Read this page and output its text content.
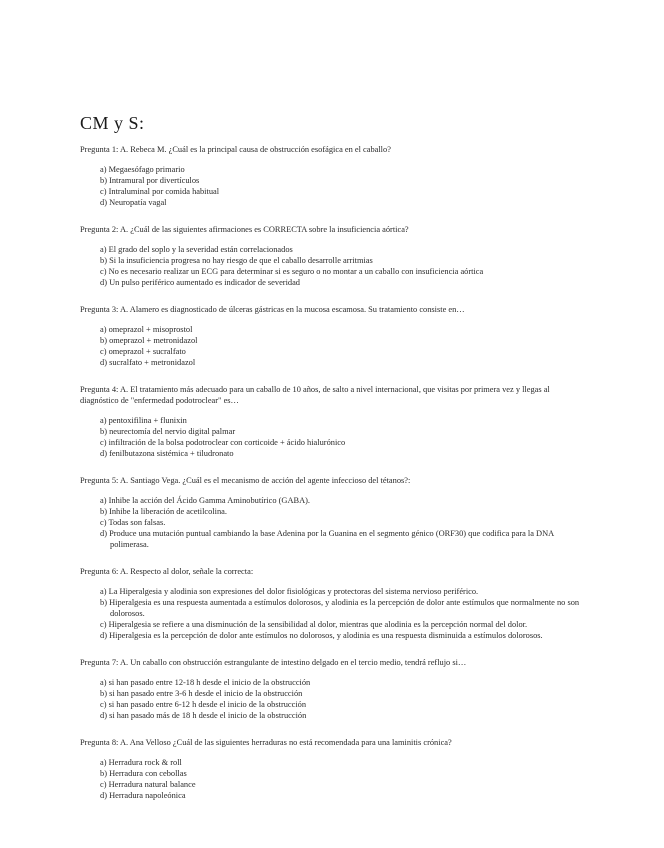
CM y S:

Pregunta 1: A. Rebeca M. ¿Cuál es la principal causa de obstrucción esofágica en el caballo?

a) Megaesófago primario
b) Intramural por divertículos
c) Intraluminal por comida habitual
d) Neuropatía vagal

Pregunta 2: A. ¿Cuál de las siguientes afirmaciones es CORRECTA sobre la insuficiencia aórtica?

a) El grado del soplo y la severidad están correlacionados
b) Si la insuficiencia progresa no hay riesgo de que el caballo desarrolle arritmias
c) No es necesario realizar un ECG para determinar si es seguro o no montar a un caballo con insuficiencia aórtica
d) Un pulso periférico aumentado es indicador de severidad

Pregunta 3: A. Alamero es diagnosticado de úlceras gástricas en la mucosa escamosa. Su tratamiento consiste en…

a) omeprazol + misoprostol
b) omeprazol + metronidazol
c) omeprazol + sucralfato
d) sucralfato + metronidazol

Pregunta 4: A. El tratamiento más adecuado para un caballo de 10 años, de salto a nivel internacional, que visitas por primera vez y llegas al diagnóstico de "enfermedad podotroclear" es…

a) pentoxifilina + flunixin
b) neurectomía del nervio digital palmar
c) infiltración de la bolsa podotroclear con corticoide + ácido hialurónico
d) fenilbutazona sistémica + tiludronato

Pregunta 5: A. Santiago Vega. ¿Cuál es el mecanismo de acción del agente infeccioso del tétanos?:

a) Inhibe la acción del Ácido Gamma Aminobutírico (GABA).
b) Inhibe la liberación de acetilcolina.
c) Todas son falsas.
d) Produce una mutación puntual cambiando la base Adenina por la Guanina en el segmento génico (ORF30) que codifica para la DNA polimerasa.

Pregunta 6: A. Respecto al dolor, señale la correcta:

a) La Hiperalgesia y alodinia son expresiones del dolor fisiológicas y protectoras del sistema nervioso periférico.
b) Hiperalgesia es una respuesta aumentada a estímulos dolorosos, y alodinia es la percepción de dolor ante estímulos que normalmente no son dolorosos.
c) Hiperalgesia se refiere a una disminución de la sensibilidad al dolor, mientras que alodinia es la percepción normal del dolor.
d) Hiperalgesia es la percepción de dolor ante estímulos no dolorosos, y alodinia es una respuesta disminuida a estímulos dolorosos.

Pregunta 7: A. Un caballo con obstrucción estrangulante de intestino delgado en el tercio medio, tendrá reflujo si…

a) si han pasado entre 12-18 h desde el inicio de la obstrucción
b) si han pasado entre 3-6 h desde el inicio de la obstrucción
c) si han pasado entre 6-12 h desde el inicio de la obstrucción
d) si han pasado más de 18 h desde el inicio de la obstrucción

Pregunta 8: A. Ana Velloso ¿Cuál de las siguientes herraduras no está recomendada para una laminitis crónica?

a) Herradura rock & roll
b) Herradura con cebollas
c) Herradura natural balance
d) Herradura napoleónica
